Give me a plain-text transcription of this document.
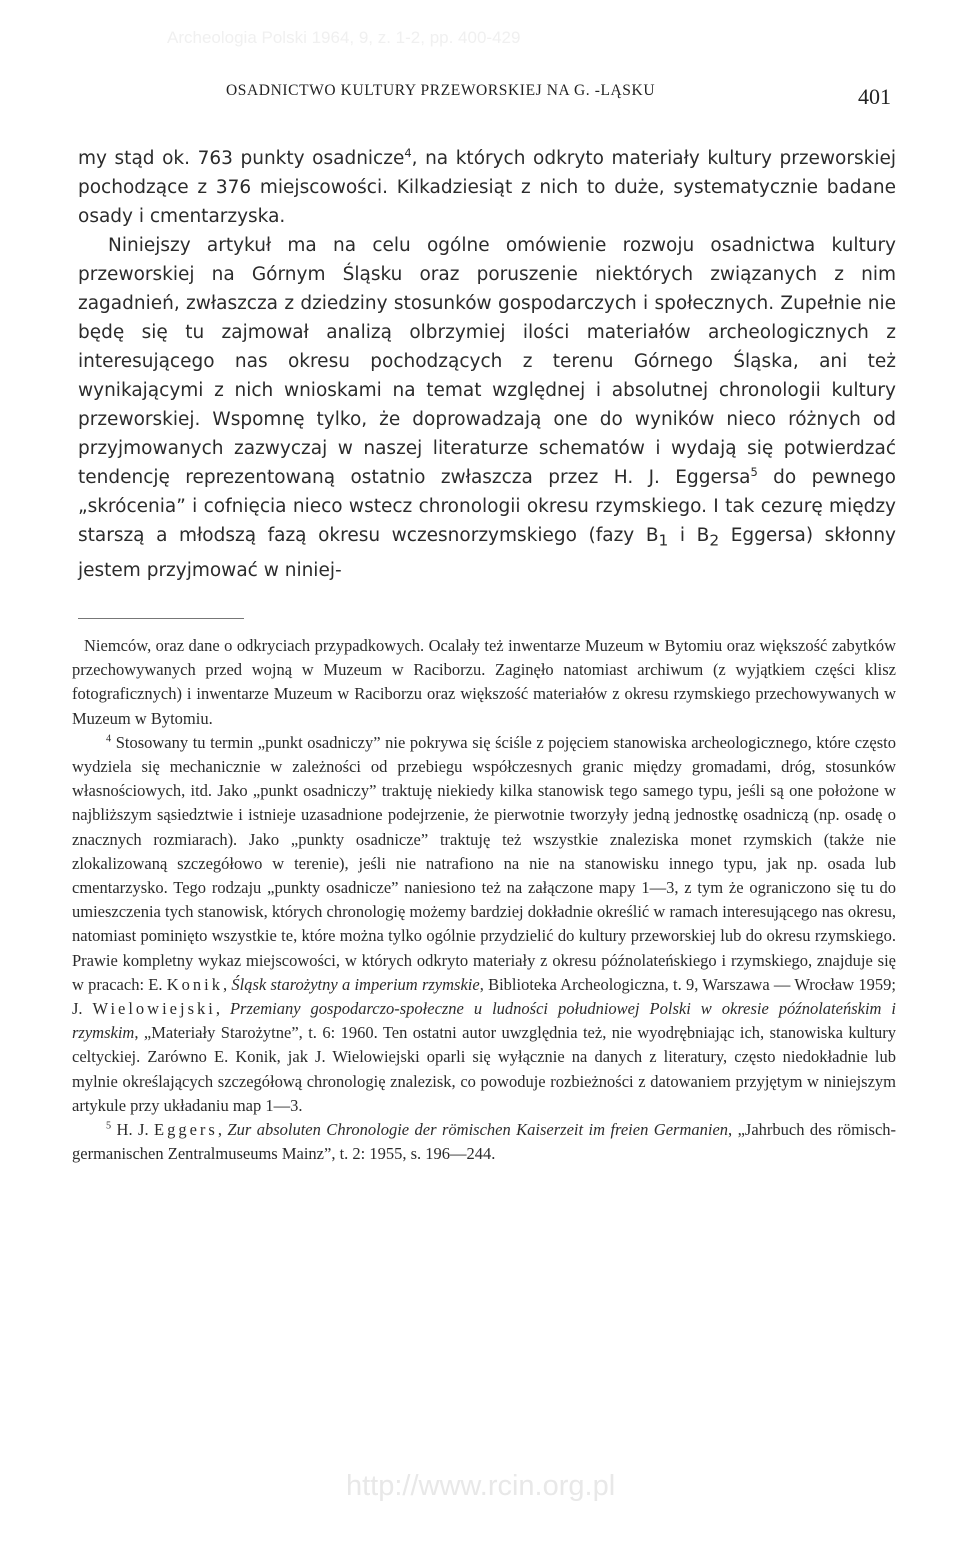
Archeologia Polski 1964, 9, z. 1-2, pp. 400-429
OSADNICTWO KULTURY PRZEWORSKIEJ NA G. -LĄSKU	401

my stąd ok. 763 punkty osadnicze$^4$, na których odkryto materiały kultury przeworskiej pochodzące z 376 miejscowości. Kilkadziesiąt z nich to duże, systematycznie badane osady i cmentarzyska.

Niniejszy artykuł ma na celu ogólne omówienie rozwoju osadnictwa kultury przeworskiej na Górnym Śląsku oraz poruszenie niektórych związanych z nim zagadnień, zwłaszcza z dziedziny stosunków gospodarczych i społecznych. Zupełnie nie będę się tu zajmował analizą olbrzymiej ilości materiałów archeologicznych z interesującego nas okresu pochodzących z terenu Górnego Śląska, ani też wynikającymi z nich wnioskami na temat względnej i absolutnej chronologii kultury przeworskiej. Wspomnę tylko, że doprowadzają one do wyników nieco różnych od przyjmowanych zazwyczaj w naszej literaturze schematów i wydają się potwierdzać tendencję reprezentowaną ostatnio zwłaszcza przez H. J. Eggersa$^5$ do pewnego „skrócenia” i cofnięcia nieco wstecz chronologii okresu rzymskiego. I tak cezurę między starszą a młodszą fazą okresu wczesnorzymskiego (fazy $B_1$ i $B_2$ Eggersa) skłonny jestem przyjmować w niniej-

Niemców, oraz dane o odkryciach przypadkowych. Ocalały też inwentarze Muzeum w Bytomiu oraz większość zabytków przechowywanych przed wojną w Muzeum w Raciborzu. Zaginęło natomiast archiwum (z wyjątkiem części klisz fotograficznych) i inwentarze Muzeum w Raciborzu oraz większość materiałów z okresu rzymskiego przechowywanych w Muzeum w Bytomiu.

$^4$ Stosowany tu termin „punkt osadniczy” nie pokrywa się ściśle z pojęciem stanowiska archeologicznego, które często wydziela się mechanicznie w zależności od przebiegu współczesnych granic między gromadami, dróg, stosunków własnościowych, itd. Jako „punkt osadniczy” traktuję niekiedy kilka stanowisk tego samego typu, jeśli są one położone w najbliższym sąsiedztwie i istnieje uzasadnione podejrzenie, że pierwotnie tworzyły jedną jednostkę osadniczą (np. osadę o znacznych rozmiarach). Jako „punkty osadnicze” traktuję też wszystkie znaleziska monet rzymskich (także nie zlokalizowaną szczegółowo w terenie), jeśli nie natrafiono na nie na stanowisku innego typu, jak np. osada lub cmentarzysko. Tego rodzaju „punkty osadnicze” naniesiono też na załączone mapy 1—3, z tym że ograniczono się tu do umieszczenia tych stanowisk, których chronologię możemy bardziej dokładnie określić w ramach interesującego nas okresu, natomiast pominięto wszystkie te, które można tylko ogólnie przydzielić do kultury przeworskiej lub do okresu rzymskiego. Prawie kompletny wykaz miejscowości, w których odkryto materiały z okresu późnolateńskiego i rzymskiego, znajduje się w pracach: E. Konik, Śląsk starożytny a imperium rzymskie, Biblioteka Archeologiczna, t. 9, Warszawa — Wrocław 1959; J. Wielowiejski, Przemiany gospodarczo-społeczne u ludności południowej Polski w okresie późnolateńskim i rzymskim, „Materiały Starożytne”, t. 6: 1960. Ten ostatni autor uwzględnia też, nie wyodrębniając ich, stanowiska kultury celtyckiej. Zarówno E. Konik, jak J. Wielowiejski oparli się wyłącznie na danych z literatury, często niedokładnie lub mylnie określających szczegółową chronologię znalezisk, co powoduje rozbieżności z datowaniem przyjętym w niniejszym artykule przy układaniu map 1—3.

$^5$ H. J. Eggers, Zur absoluten Chronologie der römischen Kaiserzeit im freien Germanien, „Jahrbuch des römisch-germanischen Zentralmuseums Mainz”, t. 2: 1955, s. 196—244.

http://www.rcin.org.pl
